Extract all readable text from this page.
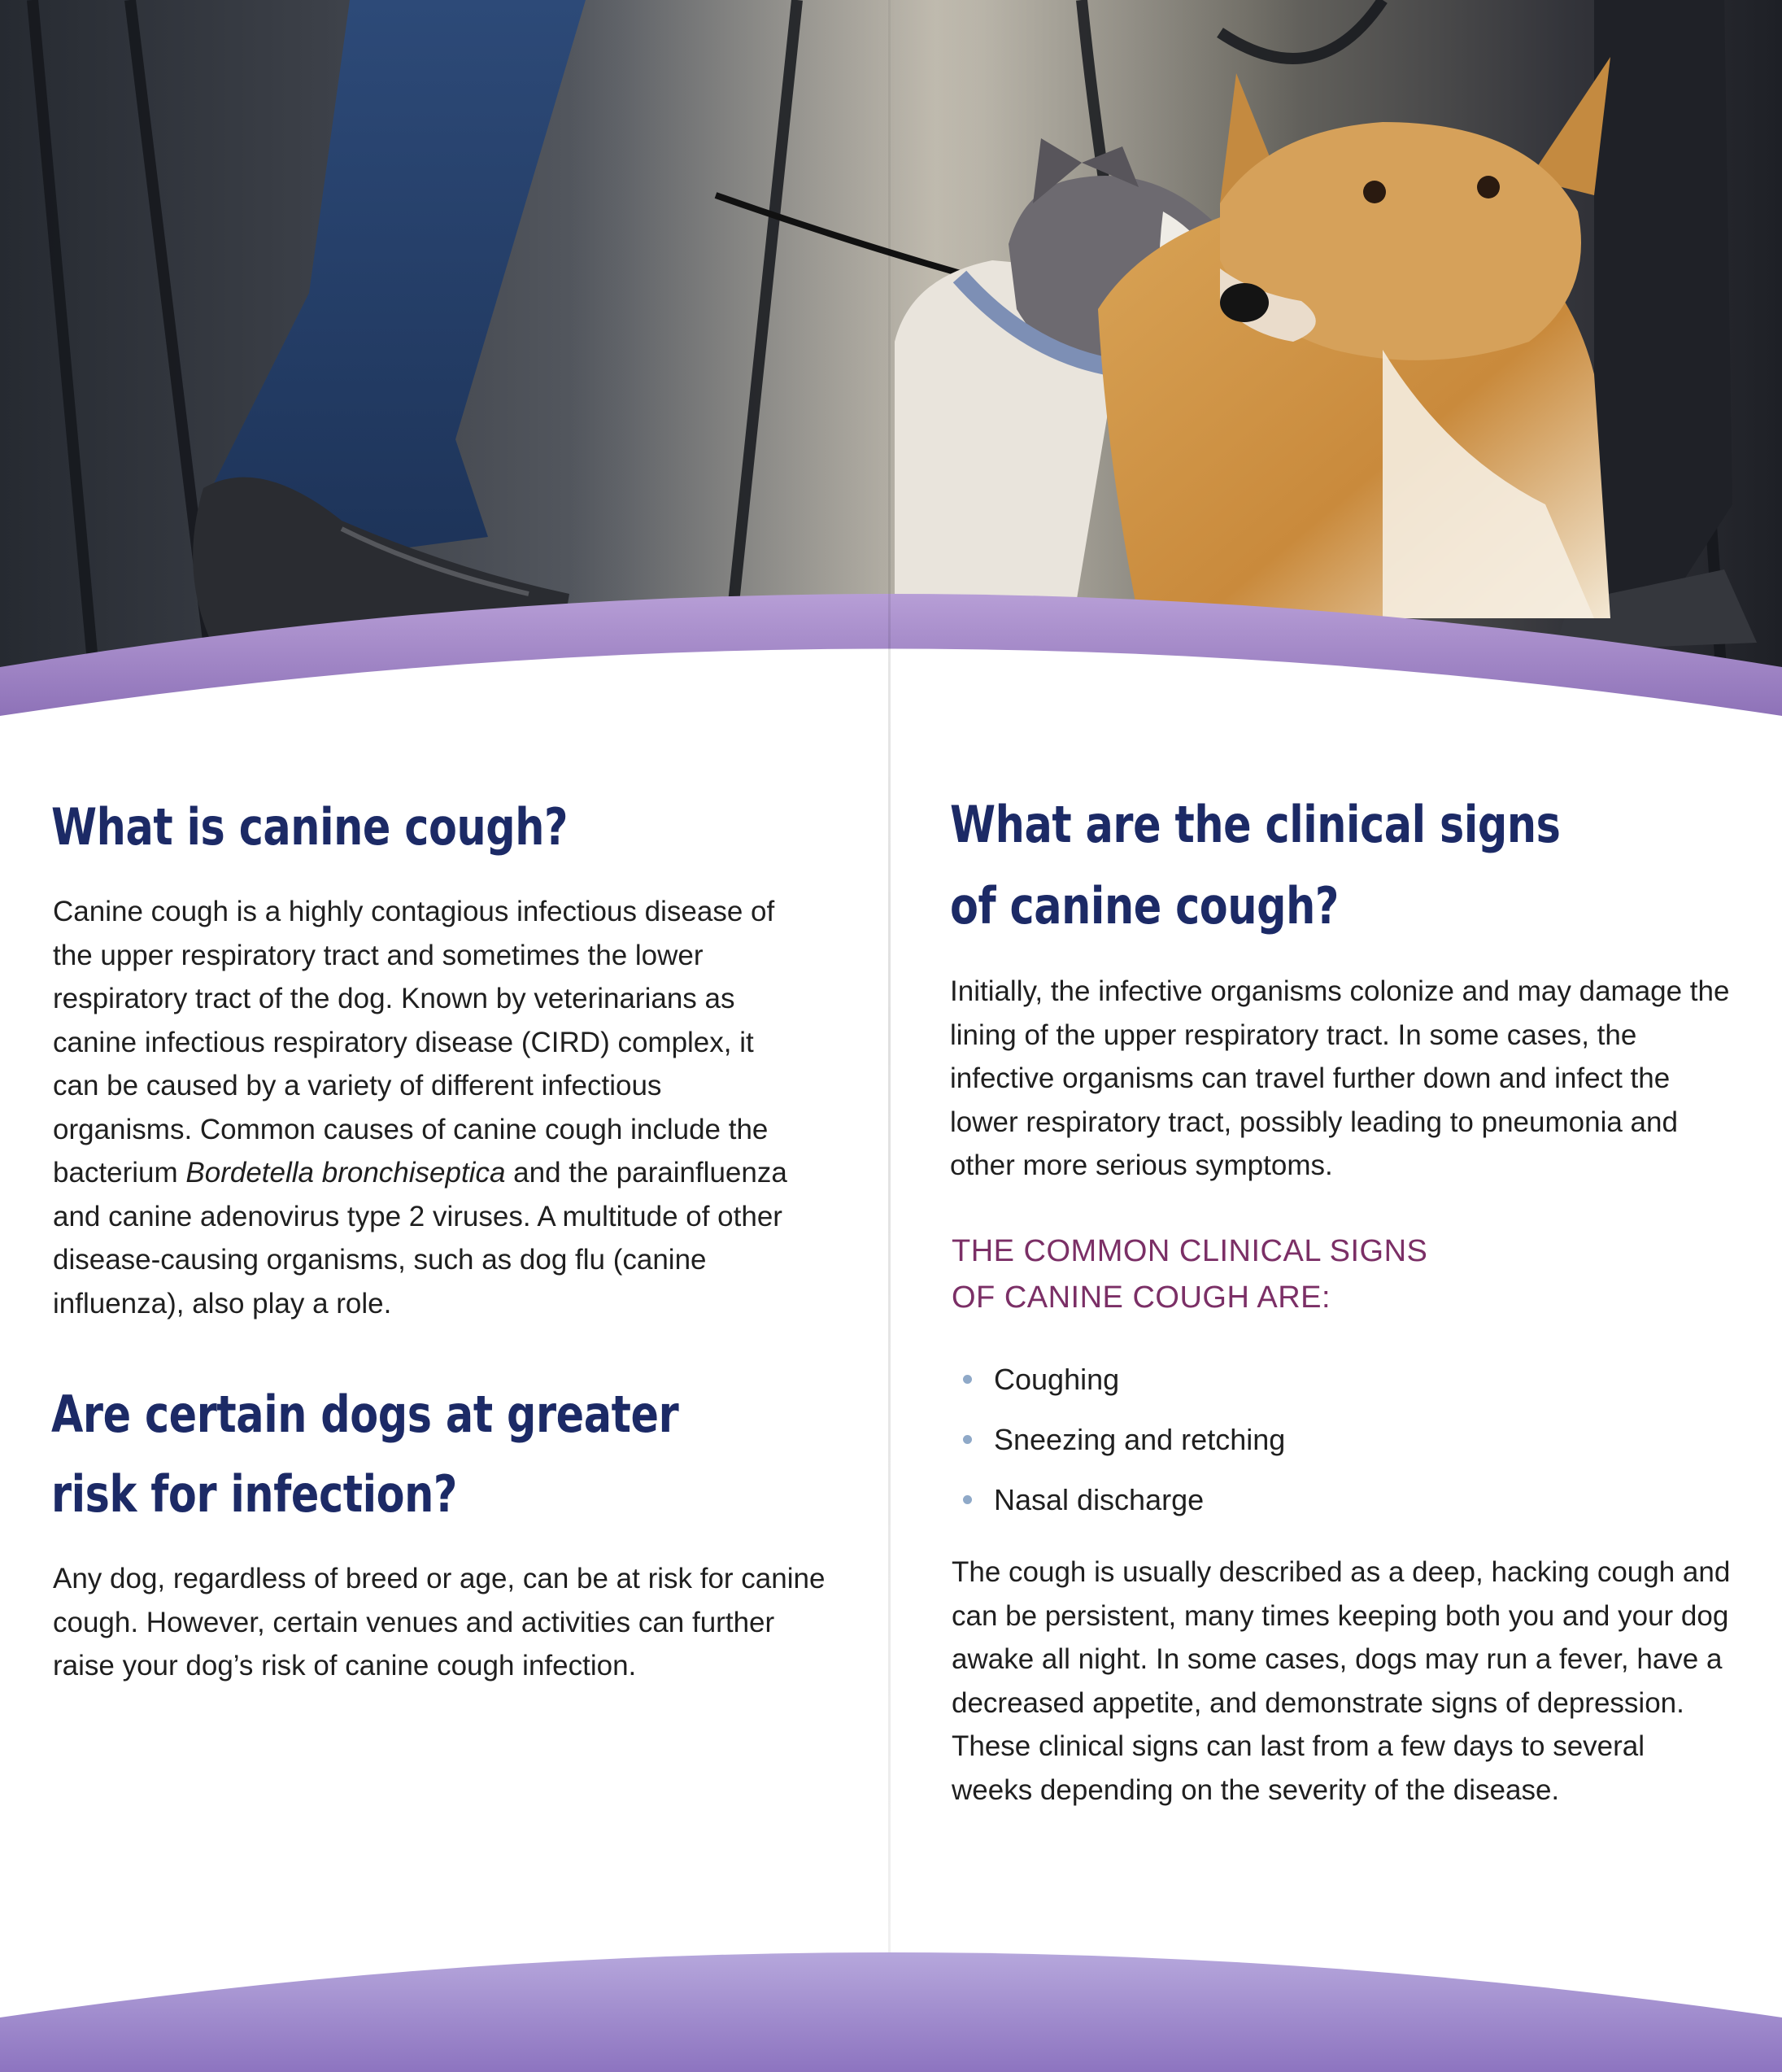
What is canine cough?

Canine cough is a highly contagious infectious disease of the upper respiratory tract and sometimes the lower respiratory tract of the dog. Known by veterinarians as canine infectious respiratory disease (CIRD) complex, it can be caused by a variety of different infectious organisms. Common causes of canine cough include the bacterium Bordetella bronchiseptica and the parainfluenza and canine adenovirus type 2 viruses. A multitude of other disease-causing organisms, such as dog flu (canine influenza), also play a role.

Are certain dogs at greater
risk for infection?

Any dog, regardless of breed or age, can be at risk for canine cough. However, certain venues and activities can further raise your dog’s risk of canine cough infection.

What are the clinical signs
of canine cough?

Initially, the infective organisms colonize and may damage the lining of the upper respiratory tract. In some cases, the infective organisms can travel further down and infect the lower respiratory tract, possibly leading to pneumonia and other more serious symptoms.

THE COMMON CLINICAL SIGNS

OF CANINE COUGH ARE:

Coughing
Sneezing and retching
Nasal discharge

The cough is usually described as a deep, hacking cough and can be persistent, many times keeping both you and your dog awake all night. In some cases, dogs may run a fever, have a decreased appetite, and demonstrate signs of depression. These clinical signs can last from a few days to several weeks depending on the severity of the disease.
